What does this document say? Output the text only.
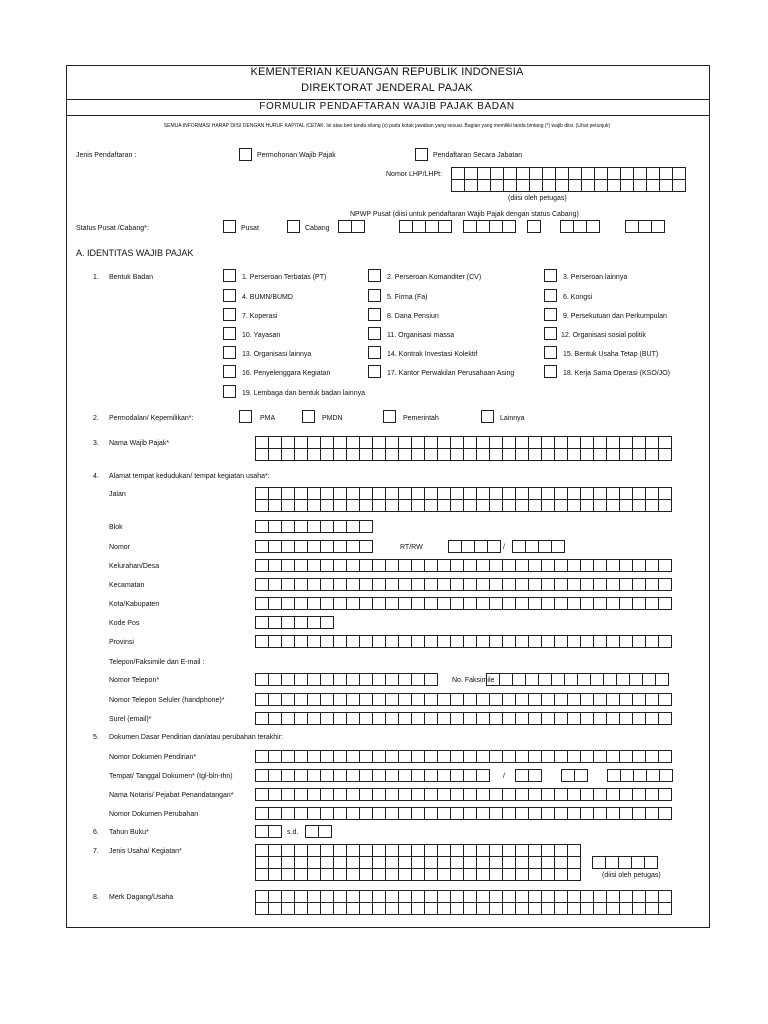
KEMENTERIAN KEUANGAN REPUBLIK INDONESIA
DIREKTORAT JENDERAL PAJAK
FORMULIR PENDAFTARAN WAJIB PAJAK BADAN
SEMUA INFORMASI HARAP DIISI DENGAN HURUF KAPITAL /CETAK. Isi atau beri tanda silang (x) pada kotak jawaban yang sesuai. Bagian yang memiliki tanda bintang (*) wajib diisi. (Lihat petunjuk)
Jenis Pendaftaran :	Permohonan Wajib Pajak	Pendaftaran Secara Jabatan
Nomor LHP/LHPt:
(diisi oleh petugas)
NPWP Pusat (diisi untuk pendaftaran Wajib Pajak dengan status Cabang)
Status Pusat /Cabang*:	Pusat	Cabang
A. IDENTITAS WAJIB PAJAK
1. Bentuk Badan	1. Perseroan Terbatas (PT)	2. Perseroan Komanditer (CV)	3. Perseroan lainnya
4. BUMN/BUMD	5. Firma (Fa)	6. Kongsi
7. Koperasi	8. Dana Pensiun	9. Persekutuan dan Perkumpulan
10. Yayasan	11. Organisasi massa	12. Organisasi sosial politik
13. Organisasi lainnya	14. Kontrak Investasi Kolektif	15. Bentuk Usaha Tetap (BUT)
16. Penyelenggara Kegiatan	17. Kantor Perwakilan Perusahaan Asing	18. Kerja Sama Operasi (KSO/JO)
19. Lembaga dan bentuk badan lainnya
2. Permodalan/ Kepemilikan*:	PMA	PMDN	Pemerintah	Lainnya
3. Nama Wajib Pajak*
4. Alamat tempat kedudukan/ tempat kegiatan usaha*:
Jalan
Blok
Nomor	RT/RW	/
Kelurahan/Desa
Kecamatan
Kota/Kabupaten
Kode Pos
Provinsi
Telepon/Faksimile dan E-mail :
Nomor Telepon*	No. Faksimile
Nomor Telepon Seluler (handphone)*
Surel (email)*
5. Dokumen Dasar Pendirian dan/atau perubahan terakhir:
Nomor Dokumen Pendirian*
Tempat/ Tanggal Dokumen* (tgl-bln-thn)	/
Nama Notaris/ Pejabat Penandatangan*
Nomor Dokumen Perubahan
6. Tahun Buku*	s.d.
7. Jenis Usaha/ Kegiatan*
(diisi oleh petugas)
8. Merk Dagang/Usaha
